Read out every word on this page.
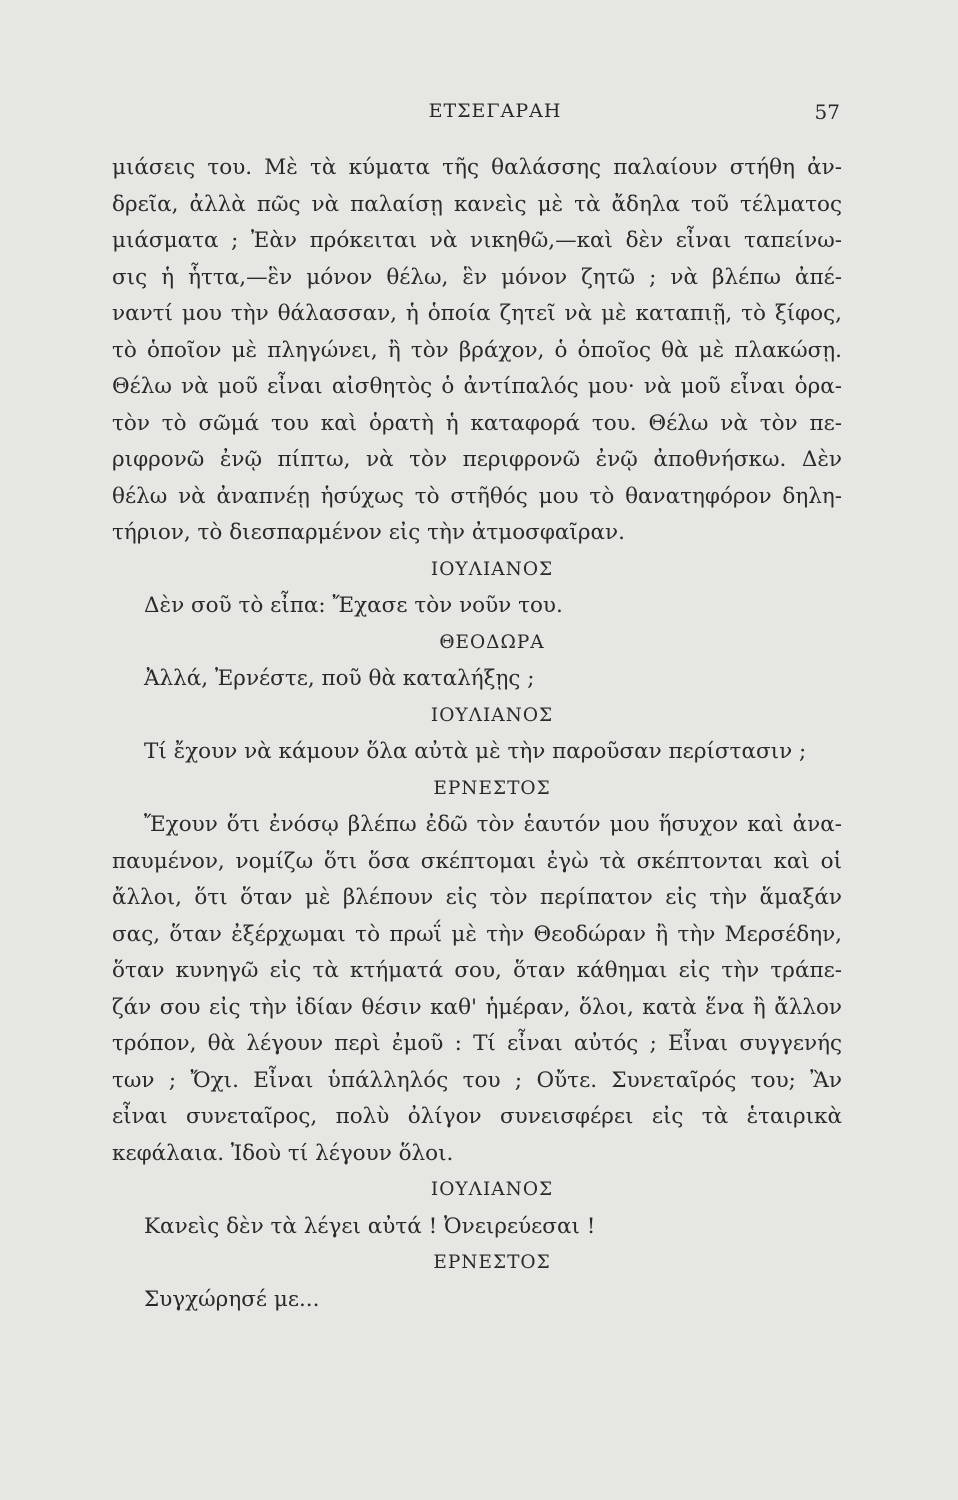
ΕΤΣΕΓΑΡΑΗ	57
μιάσεις του. Μὲ τὰ κύματα τῆς θαλάσσης παλαίουν στήθη ἀν-
δρεῖα, ἀλλὰ πῶς νὰ παλαίσῃ κανεὶς μὲ τὰ ἄδηλα τοῦ τέλματος
μιάσματα ; Ἐὰν πρόκειται νὰ νικηθῶ,—καὶ δὲν εἶναι ταπείνω-
σις ἡ ἧττα,—ἓν μόνον θέλω, ἓν μόνον ζητῶ ; νὰ βλέπω ἀπέ-
ναντί μου τὴν θάλασσαν, ἡ ὁποία ζητεῖ νὰ μὲ καταπιῇ, τὸ ξίφος,
τὸ ὁποῖον μὲ πληγώνει, ἢ τὸν βράχον, ὁ ὁποῖος θὰ μὲ πλακώσῃ.
Θέλω νὰ μοῦ εἶναι αἰσθητὸς ὁ ἀντίπαλός μου· νὰ μοῦ εἶναι ὁρα-
τὸν τὸ σῶμά του καὶ ὁρατὴ ἡ καταφορά του. Θέλω νὰ τὸν πε-
ριφρονῶ ἐνῷ πίπτω, νὰ τὸν περιφρονῶ ἐνῷ ἀποθνήσκω. Δὲν
θέλω νὰ ἀναπνέῃ ἡσύχως τὸ στῆθός μου τὸ θανατηφόρον δηλη-
τήριον, τὸ διεσπαρμένον εἰς τὴν ἀτμοσφαῖραν.
ΙΟΥΛΙΑΝΟΣ
Δὲν σοῦ τὸ εἶπα: Ἔχασε τὸν νοῦν του.
ΘΕΟΔΩΡΑ
Ἀλλά, Ἐρνέστε, ποῦ θὰ καταλήξῃς ;
ΙΟΥΛΙΑΝΟΣ
Τί ἔχουν νὰ κάμουν ὅλα αὐτὰ μὲ τὴν παροῦσαν περίστασιν ;
ΕΡΝΕΣΤΟΣ
Ἔχουν ὅτι ἐνόσῳ βλέπω ἐδῶ τὸν ἑαυτόν μου ἥσυχον καὶ ἀνα-
παυμένον, νομίζω ὅτι ὅσα σκέπτομαι ἐγὼ τὰ σκέπτονται καὶ οἱ
ἄλλοι, ὅτι ὅταν μὲ βλέπουν εἰς τὸν περίπατον εἰς τὴν ἅμαξάν
σας, ὅταν ἐξέρχωμαι τὸ πρωΐ μὲ τὴν Θεοδώραν ἢ τὴν Μερσέδην,
ὅταν κυνηγῶ εἰς τὰ κτήματά σου, ὅταν κάθημαι εἰς τὴν τράπε-
ζάν σου εἰς τὴν ἰδίαν θέσιν καθ' ἡμέραν, ὅλοι, κατὰ ἕνα ἢ ἄλλον
τρόπον, θὰ λέγουν περὶ ἐμοῦ : Τί εἶναι αὐτός ; Εἶναι συγγενής
των ; Ὄχι. Εἶναι ὑπάλληλός του ; Οὔτε. Συνεταῖρός του; Ἂν
εἶναι συνεταῖρος, πολὺ ὀλίγον συνεισφέρει εἰς τὰ ἑταιρικὰ
κεφάλαια. Ἰδοὺ τί λέγουν ὅλοι.
ΙΟΥΛΙΑΝΟΣ
Κανεὶς δὲν τὰ λέγει αὐτά ! Ὀνειρεύεσαι !
ΕΡΝΕΣΤΟΣ
Συγχώρησέ με...
